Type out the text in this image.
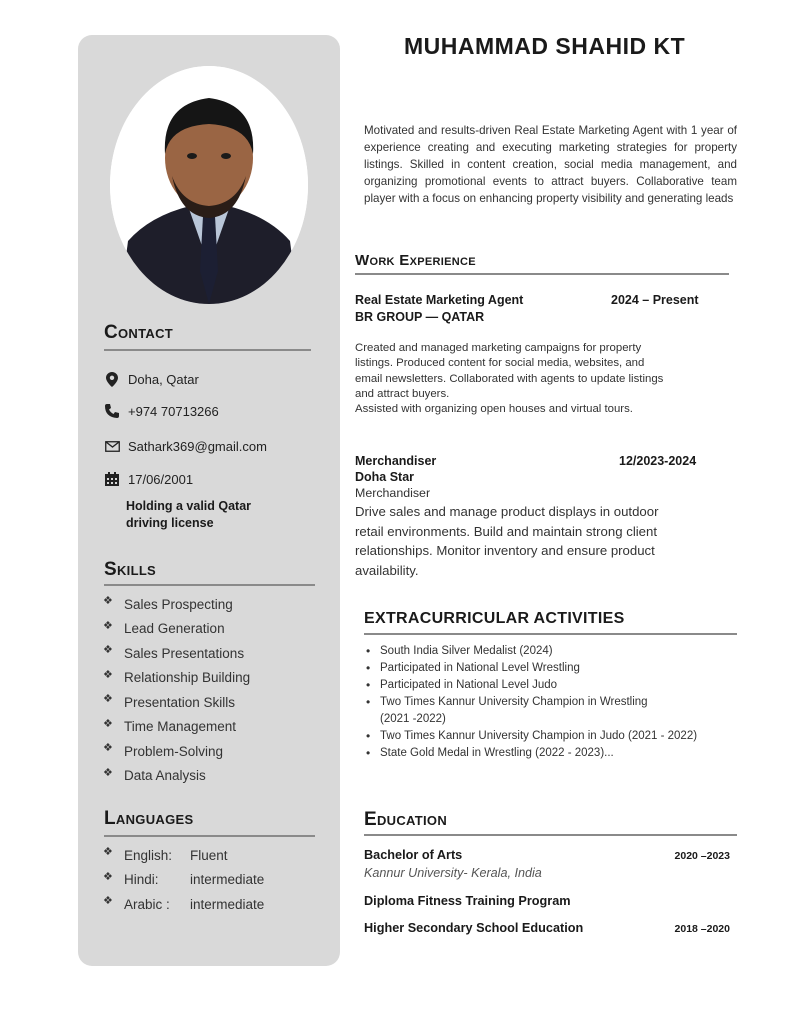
Contact
Doha, Qatar
+974 70713266
Sathark369@gmail.com
17/06/2001
Holding a valid Qatar
driving license
Skills
❖
Sales Prospecting
❖
Lead Generation
❖
Sales Presentations
❖
Relationship Building
❖
Presentation Skills
❖
Time Management
❖
Problem-Solving
❖
Data Analysis
Languages
❖
English:	Fluent
❖
Hindi:	intermediate
❖
Arabic :	intermediate
MUHAMMAD SHAHID KT
Motivated and results-driven Real Estate Marketing Agent with 1 year of experience creating and executing marketing strategies for property listings. Skilled in content creation, social media management, and organizing promotional events to attract buyers. Collaborative team player with a focus on enhancing property visibility and generating leads
Work Experience
Real Estate Marketing Agent	2024 – Present
BR GROUP — QATAR
Created and managed marketing campaigns for property
listings. Produced content for social media, websites, and
email newsletters. Collaborated with agents to update listings
and attract buyers.
Assisted with organizing open houses and virtual tours.
Merchandiser	12/2023-2024
Doha Star
Merchandiser
Drive sales and manage product displays in outdoor
retail environments. Build and maintain strong client
relationships. Monitor inventory and ensure product
availability.
EXTRACURRICULAR ACTIVITIES
• South India Silver Medalist (2024)
• Participated in National Level Wrestling
• Participated in National Level Judo
• Two Times Kannur University Champion in Wrestling
(2021 -2022)
• Two Times Kannur University Champion in Judo (2021 - 2022)
• State Gold Medal in Wrestling (2022 - 2023)...
Education
Bachelor of Arts	2020 –2023
Kannur University- Kerala, India
Diploma Fitness Training Program
Higher Secondary School Education	2018 –2020
